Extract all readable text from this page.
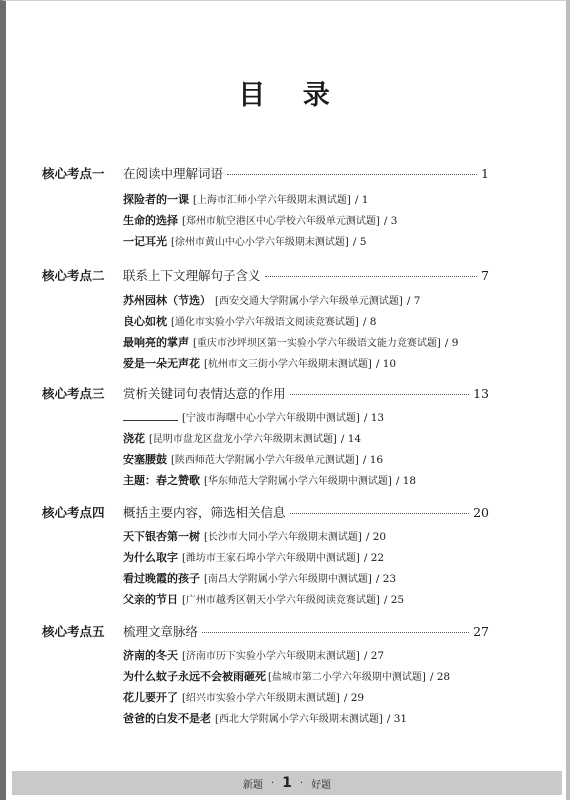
目 录
核心考点一	在阅读中理解词语	1
探险者的一课 [上海市汇师小学六年级期末测试题] / 1
生命的选择 [郑州市航空港区中心学校六年级单元测试题] / 3
一记耳光 [徐州市黄山中心小学六年级期末测试题] / 5
核心考点二	联系上下文理解句子含义	7
苏州园林（节选） [西安交通大学附属小学六年级单元测试题] / 7
良心如枕 [通化市实验小学六年级语文阅读竞赛试题] / 8
最响亮的掌声 [重庆市沙坪坝区第一实验小学六年级语文能力竞赛试题] / 9
爱是一朵无声花 [杭州市文三街小学六年级期末测试题] / 10
核心考点三	赏析关键词句表情达意的作用	13
[宁波市海曙中心小学六年级期中测试题] / 13
浇花 [昆明市盘龙区盘龙小学六年级期末测试题] / 14
安塞腰鼓 [陕西师范大学附属小学六年级单元测试题] / 16
主题：春之赞歌 [华东师范大学附属小学六年级期中测试题] / 18
核心考点四	概括主要内容，筛选相关信息	20
天下银杏第一树 [长沙市大同小学六年级期末测试题] / 20
为什么取字 [潍坊市王家石埠小学六年级期中测试题] / 22
看过晚霞的孩子 [南昌大学附属小学六年级期中测试题] / 23
父亲的节日 [广州市越秀区朝天小学六年级阅读竞赛试题] / 25
核心考点五	梳理文章脉络	27
济南的冬天 [济南市历下实验小学六年级期末测试题] / 27
为什么蚊子永远不会被雨砸死 [盐城市第二小学六年级期中测试题] / 28
花儿要开了 [绍兴市实验小学六年级期末测试题] / 29
爸爸的白发不是老 [西北大学附属小学六年级期末测试题] / 31
新题 · 1 · 好题
